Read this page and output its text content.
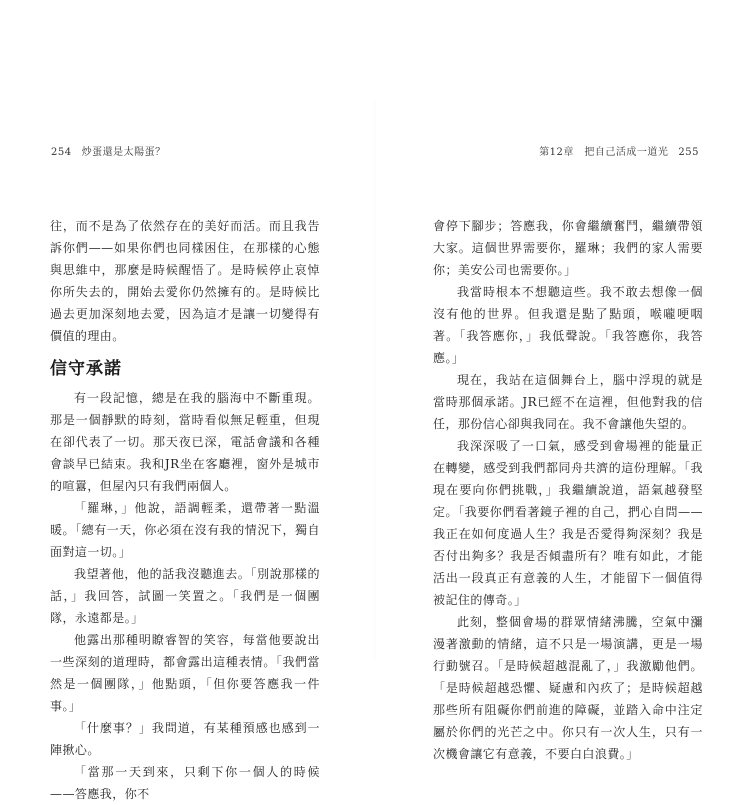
254 炒蛋還是太陽蛋？

往，而不是為了依然存在的美好而活。而且我告訴你們——如果你們也同樣困住，在那樣的心態與思維中，那麼是時候醒悟了。是時候停止哀悼你所失去的，開始去愛你仍然擁有的。是時候比過去更加深刻地去愛，因為這才是讓一切變得有價值的理由。

信守承諾

有一段記憶，總是在我的腦海中不斷重現。那是一個靜默的時刻，當時看似無足輕重，但現在卻代表了一切。那天夜已深，電話會議和各種會談早已結束。我和JR坐在客廳裡，窗外是城市的喧囂，但屋內只有我們兩個人。

「羅琳，」他說，語調輕柔，還帶著一點溫暖。「總有一天，你必須在沒有我的情況下，獨自面對這一切。」

我望著他，他的話我沒聽進去。「別說那樣的話，」我回答，試圖一笑置之。「我們是一個團隊，永遠都是。」

他露出那種明瞭睿智的笑容，每當他要說出一些深刻的道理時，都會露出這種表情。「我們當然是一個團隊，」他點頭，「但你要答應我一件事。」

「什麼事？」我問道，有某種預感也感到一陣揪心。

「當那一天到來，只剩下你一個人的時候——答應我，你不

第12章　把自己活成一道光 255

會停下腳步；答應我，你會繼續奮鬥，繼續帶領大家。這個世界需要你，羅琳；我們的家人需要你；美安公司也需要你。」

我當時根本不想聽這些。我不敢去想像一個沒有他的世界。但我還是點了點頭，喉嚨哽咽著。「我答應你，」我低聲說。「我答應你，我答應。」

現在，我站在這個舞台上，腦中浮現的就是當時那個承諾。JR已經不在這裡，但他對我的信任，那份信心卻與我同在。我不會讓他失望的。

我深深吸了一口氣，感受到會場裡的能量正在轉變，感受到我們都同舟共濟的這份理解。「我現在要向你們挑戰，」我繼續說道，語氣越發堅定。「我要你們看著鏡子裡的自己，捫心自問——我正在如何度過人生？我是否愛得夠深刻？我是否付出夠多？我是否傾盡所有？唯有如此，才能活出一段真正有意義的人生，才能留下一個值得被記住的傳奇。」

此刻，整個會場的群眾情緒沸騰，空氣中瀰漫著激動的情緒，這不只是一場演講，更是一場行動號召。「是時候超越混亂了，」我激勵他們。「是時候超越恐懼、疑慮和內疚了；是時候超越那些所有阻礙你們前進的障礙，並踏入命中注定屬於你們的光芒之中。你只有一次人生，只有一次機會讓它有意義，不要白白浪費。」
